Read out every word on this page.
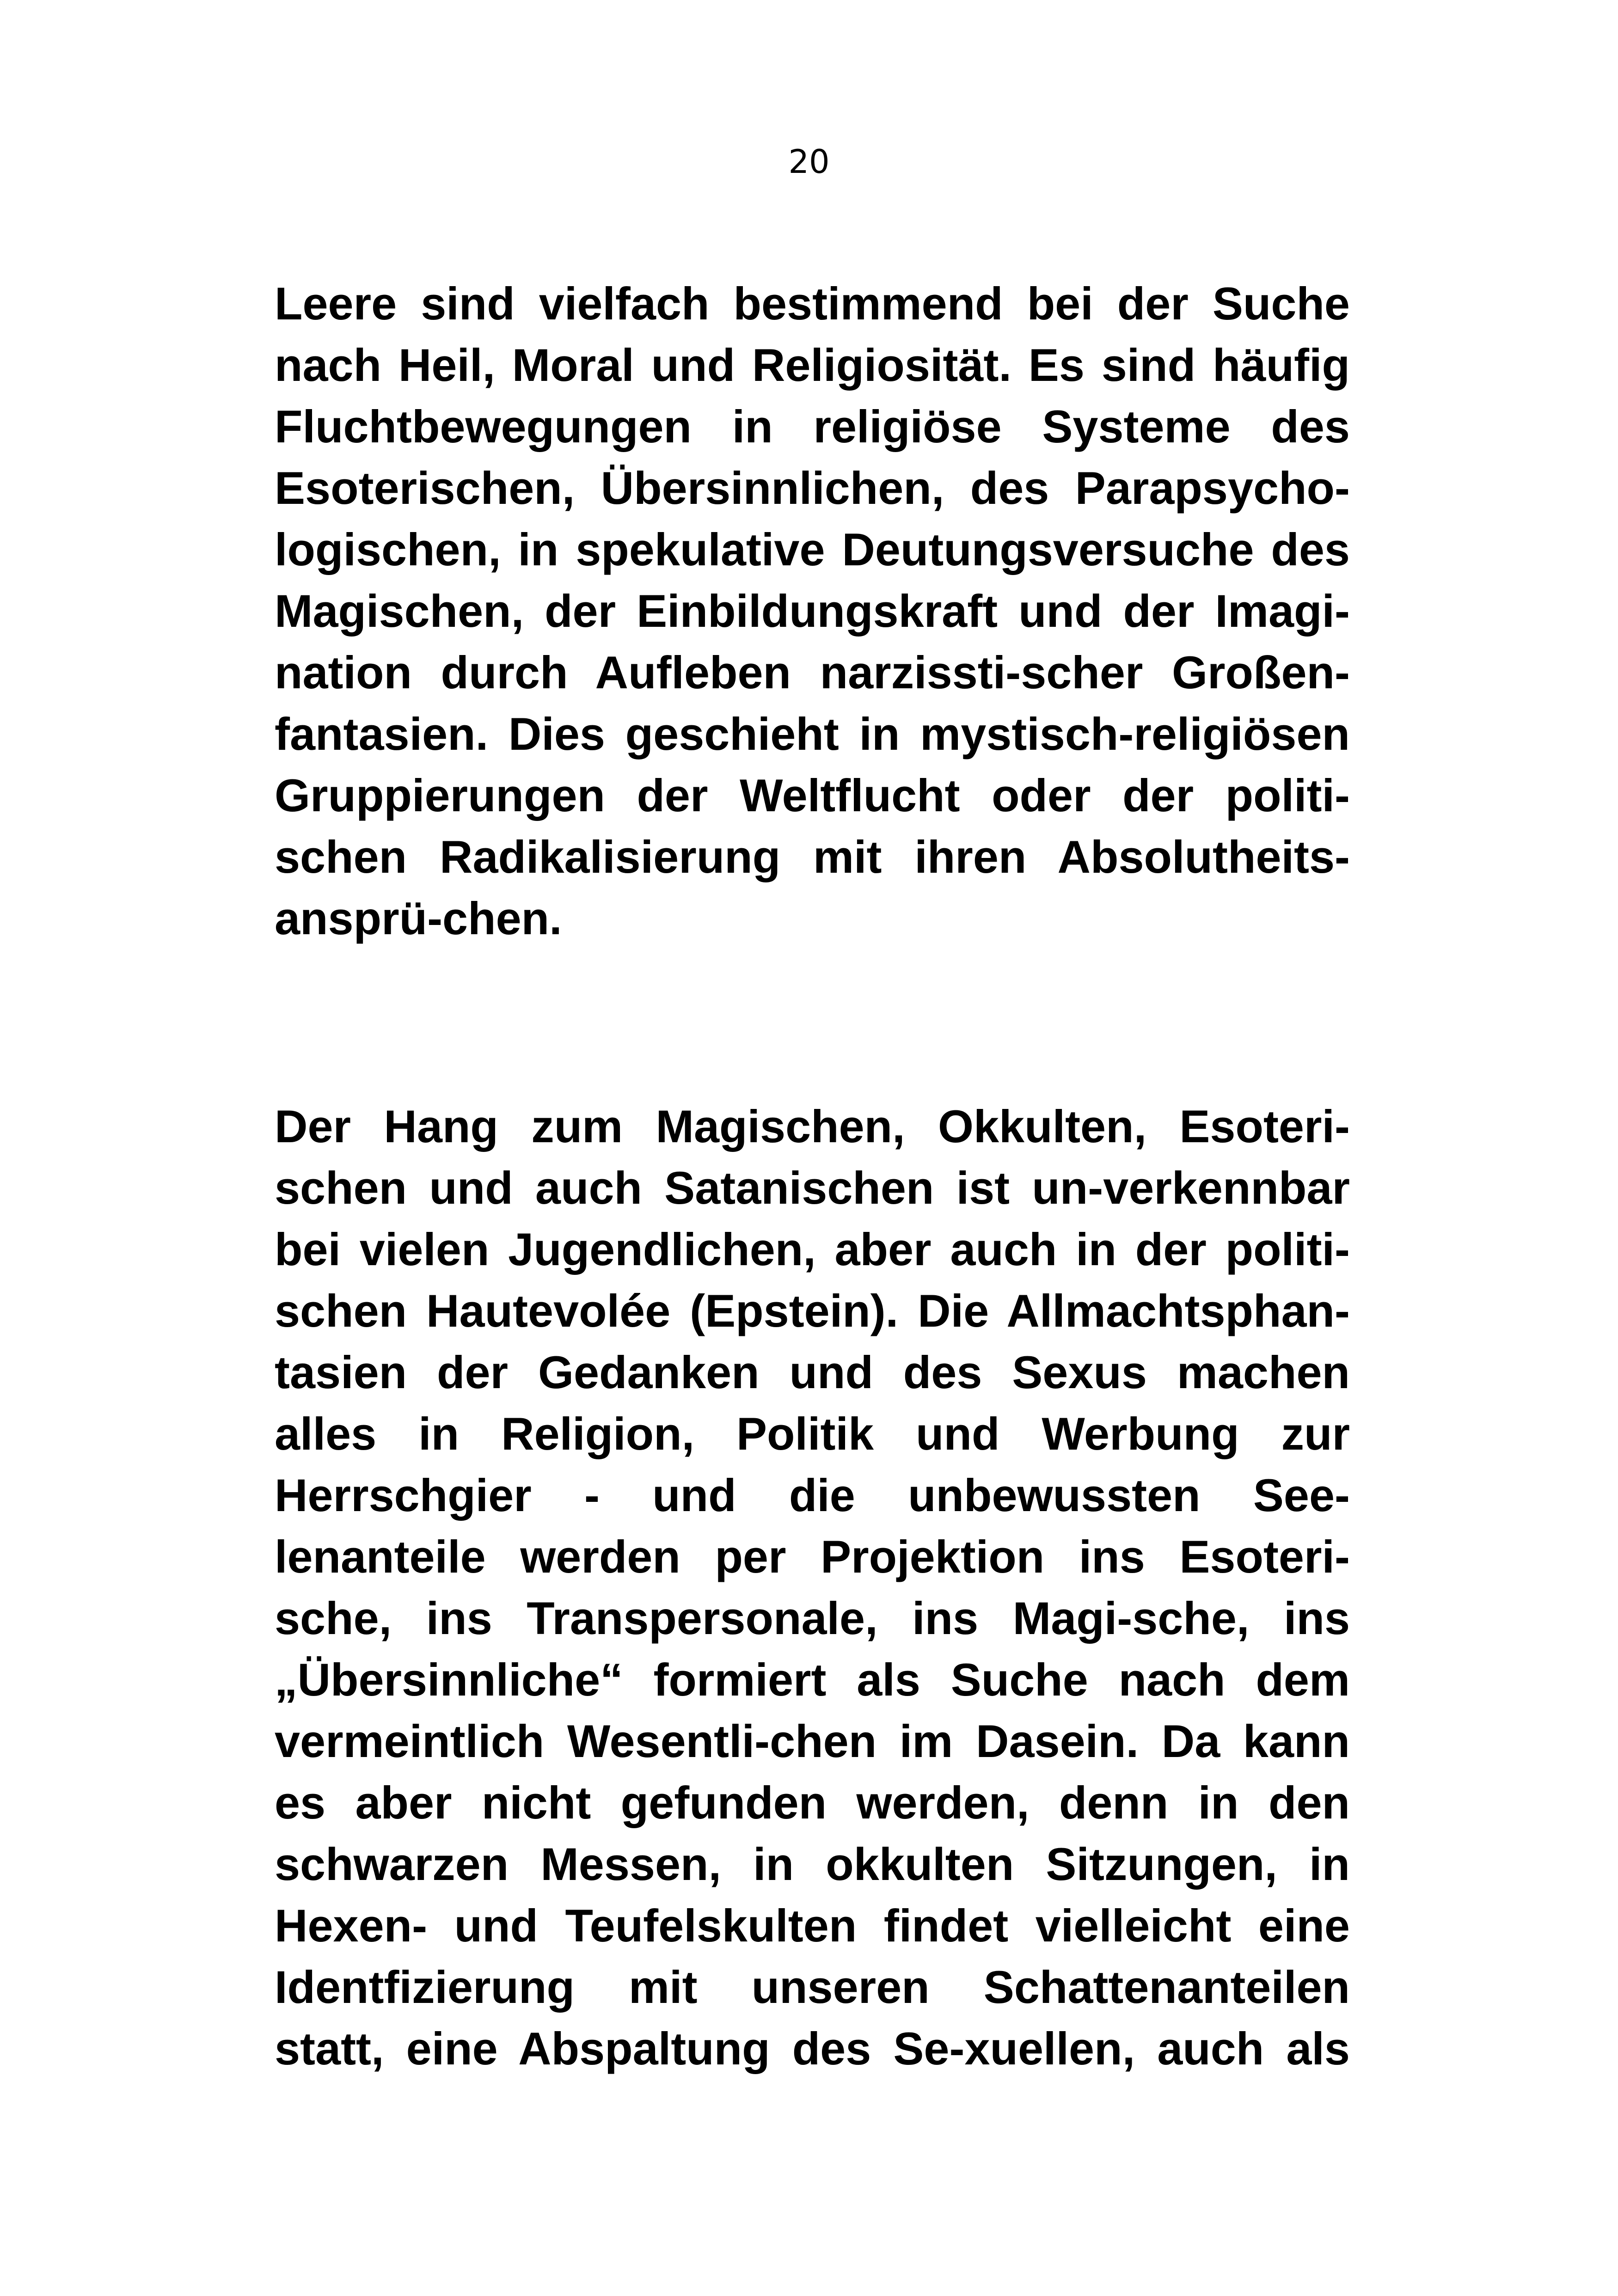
20
Leere sind vielfach bestimmend bei der Suche
nach Heil, Moral und Religiosität. Es sind häufig
Fluchtbewegungen in religiöse Systeme des
Esoterischen, Übersinnlichen, des Parapsycho-
logischen, in spekulative Deutungsversuche des
Magischen, der Einbildungskraft und der Imagi-
nation durch Aufleben narzissti-scher Großen-
fantasien. Dies geschieht in mystisch-religiösen
Gruppierungen der Weltflucht oder der politi-
schen Radikalisierung mit ihren Absolutheits-
ansprü-chen.
Der Hang zum Magischen, Okkulten, Esoteri-
schen und auch Satanischen ist un-verkennbar
bei vielen Jugendlichen, aber auch in der politi-
schen Hautevolée (Epstein). Die Allmachtsphan-
tasien der Gedanken und des Sexus machen
alles in Religion, Politik und Werbung zur
Herrschgier - und die unbewussten See-
lenanteile werden per Projektion ins Esoteri-
sche, ins Transpersonale, ins Magi-sche, ins
„Übersinnliche“ formiert als Suche nach dem
vermeintlich Wesentli-chen im Dasein. Da kann
es aber nicht gefunden werden, denn in den
schwarzen Messen, in okkulten Sitzungen, in
Hexen- und Teufelskulten findet vielleicht eine
Identfizierung mit unseren Schattenanteilen
statt, eine Abspaltung des Se-xuellen, auch als
